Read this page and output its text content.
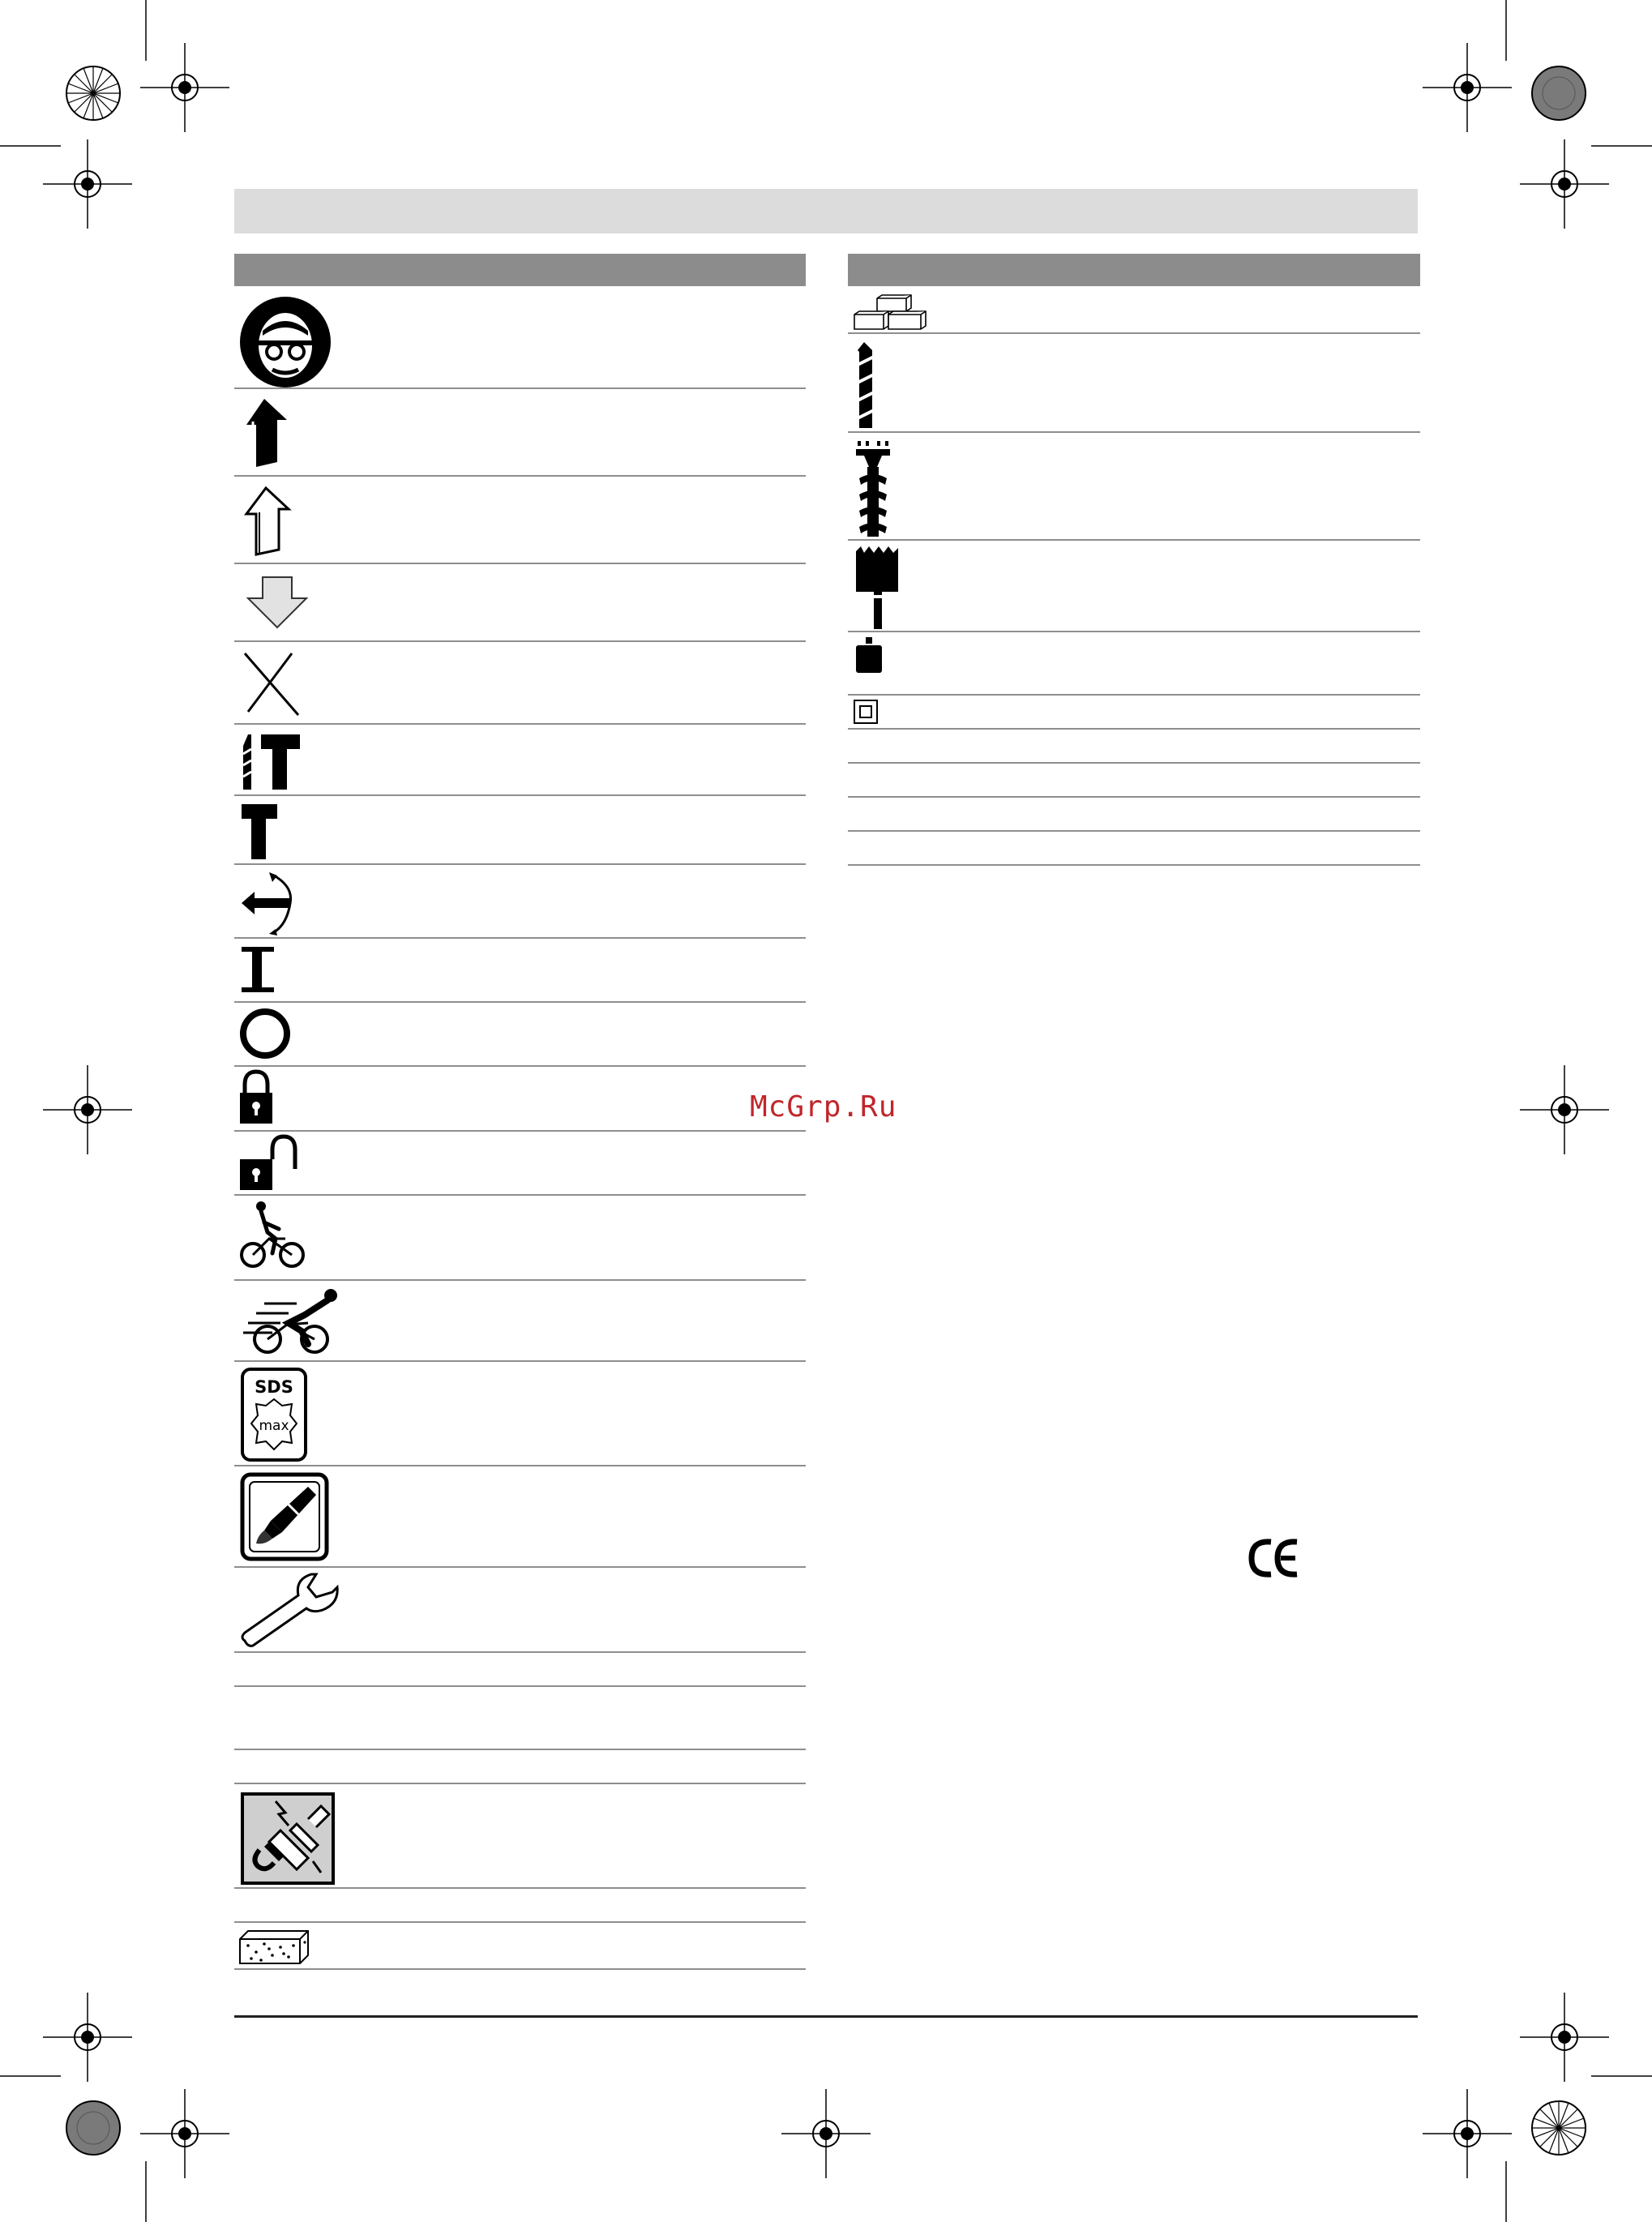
SDS
max
McGrp.Ru
